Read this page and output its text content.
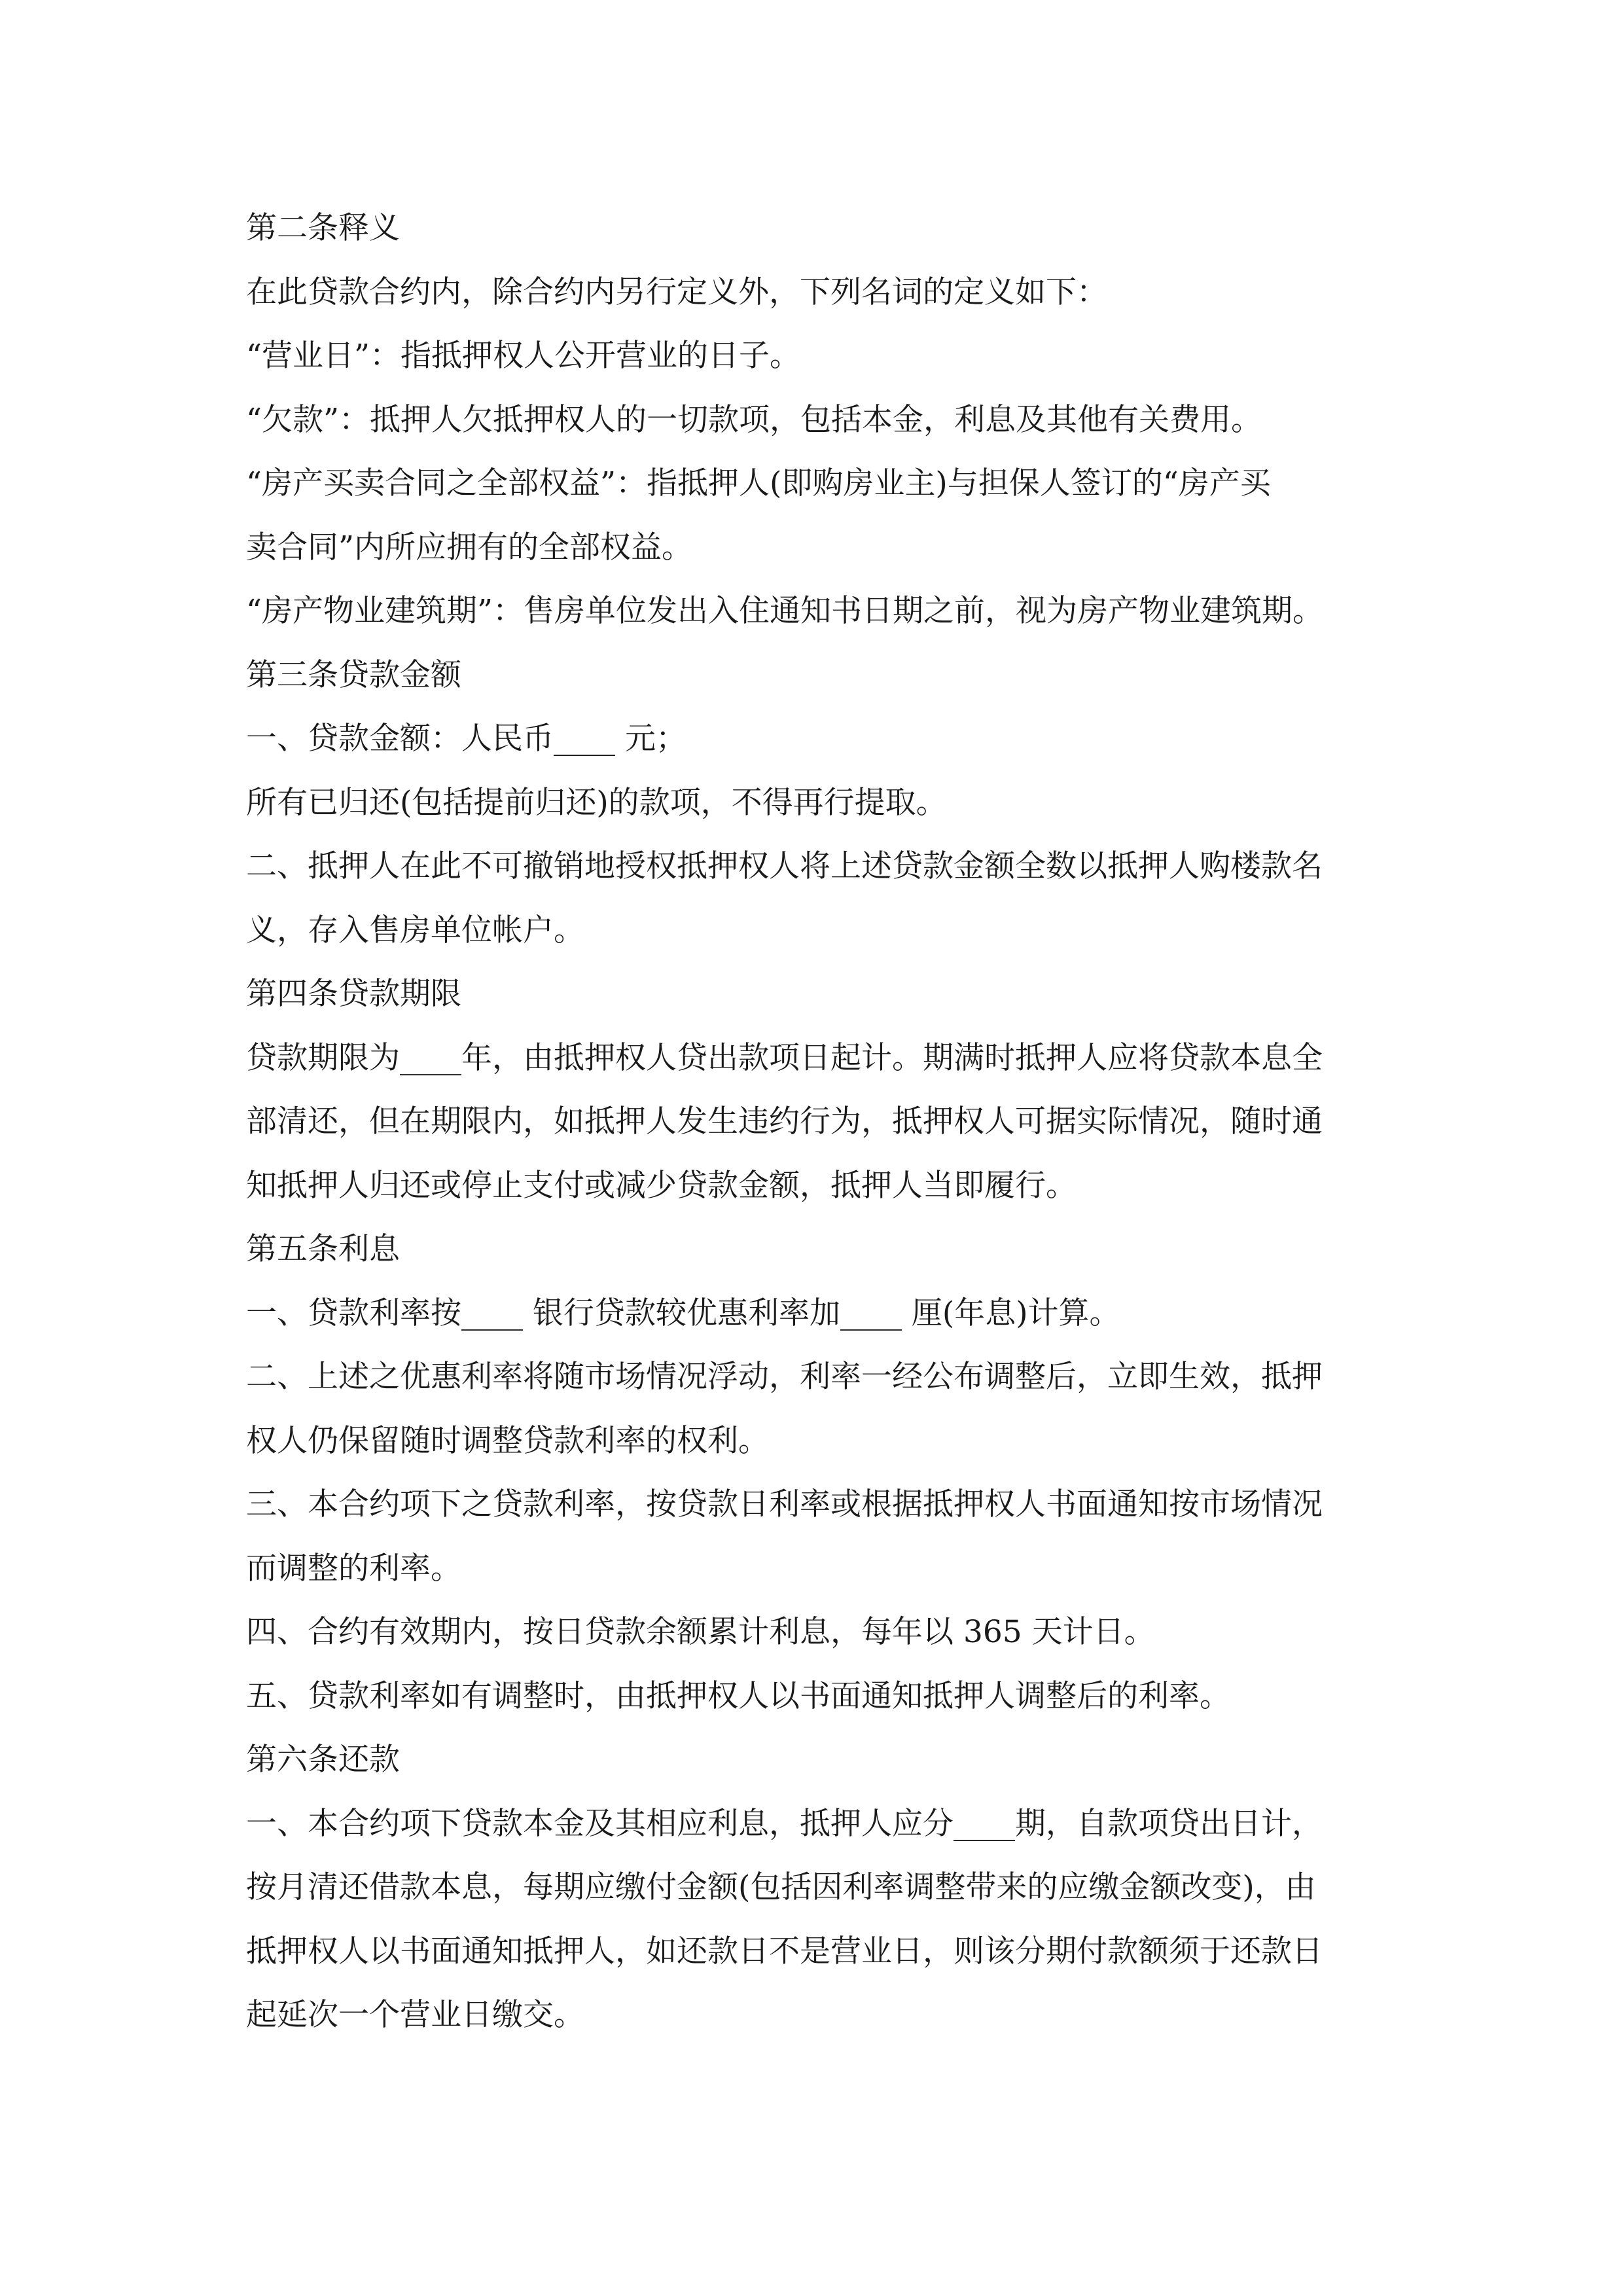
第二条释义
在此贷款合约内，除合约内另行定义外，下列名词的定义如下：
“营业日”：指抵押权人公开营业的日子。
“欠款”：抵押人欠抵押权人的一切款项，包括本金，利息及其他有关费用。
“房产买卖合同之全部权益”：指抵押人(即购房业主)与担保人签订的“房产买
卖合同”内所应拥有的全部权益。
“房产物业建筑期”：售房单位发出入住通知书日期之前，视为房产物业建筑期。
第三条贷款金额
一、贷款金额：人民币____ 元；
所有已归还(包括提前归还)的款项，不得再行提取。
二、抵押人在此不可撤销地授权抵押权人将上述贷款金额全数以抵押人购楼款名
义，存入售房单位帐户。
第四条贷款期限
贷款期限为____年，由抵押权人贷出款项日起计。期满时抵押人应将贷款本息全
部清还，但在期限内，如抵押人发生违约行为，抵押权人可据实际情况，随时通
知抵押人归还或停止支付或减少贷款金额，抵押人当即履行。
第五条利息
一、贷款利率按____ 银行贷款较优惠利率加____ 厘(年息)计算。
二、上述之优惠利率将随市场情况浮动，利率一经公布调整后，立即生效，抵押
权人仍保留随时调整贷款利率的权利。
三、本合约项下之贷款利率，按贷款日利率或根据抵押权人书面通知按市场情况
而调整的利率。
四、合约有效期内，按日贷款余额累计利息，每年以 365 天计日。
五、贷款利率如有调整时，由抵押权人以书面通知抵押人调整后的利率。
第六条还款
一、本合约项下贷款本金及其相应利息，抵押人应分____期，自款项贷出日计，
按月清还借款本息，每期应缴付金额(包括因利率调整带来的应缴金额改变)，由
抵押权人以书面通知抵押人，如还款日不是营业日，则该分期付款额须于还款日
起延次一个营业日缴交。
